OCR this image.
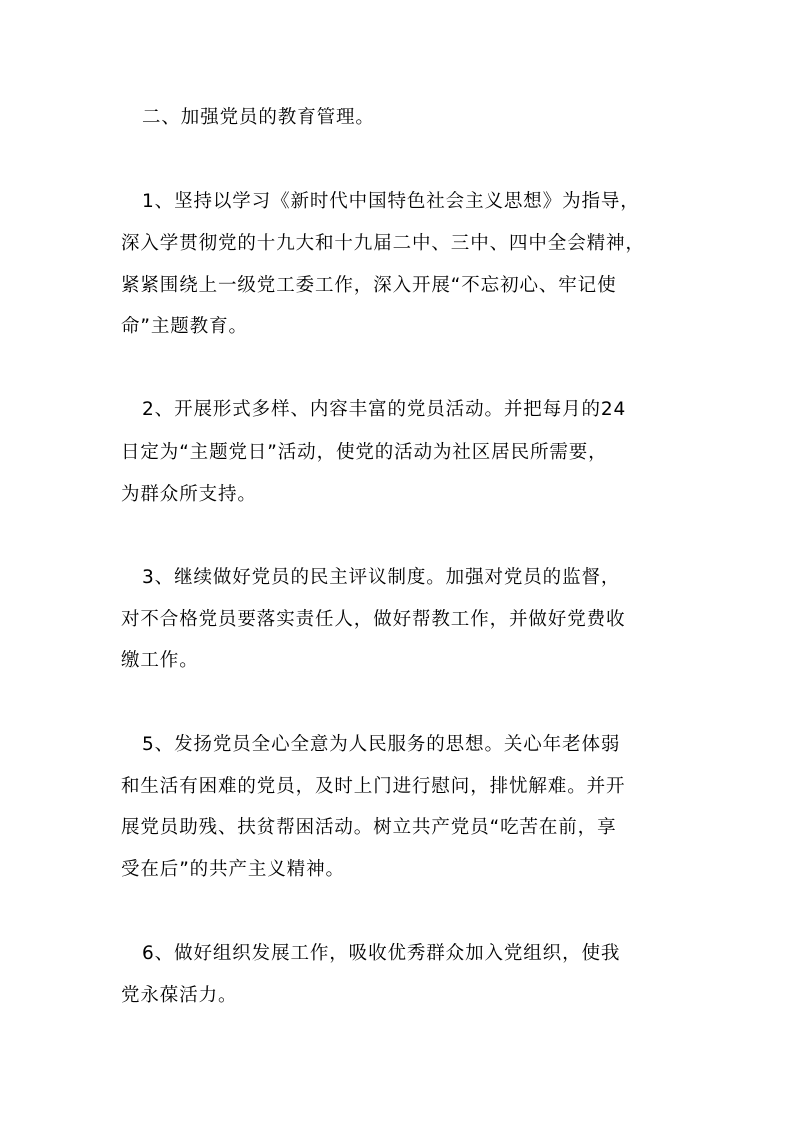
二、加强党员的教育管理。
1、坚持以学习《新时代中国特色社会主义思想》为指导，
深入学贯彻党的十九大和十九届二中、三中、四中全会精神，
紧紧围绕上一级党工委工作，深入开展“不忘初心、牢记使
命”主题教育。
2、开展形式多样、内容丰富的党员活动。并把每月的24
日定为“主题党日”活动，使党的活动为社区居民所需要，
为群众所支持。
3、继续做好党员的民主评议制度。加强对党员的监督，
对不合格党员要落实责任人，做好帮教工作，并做好党费收
缴工作。
5、发扬党员全心全意为人民服务的思想。关心年老体弱
和生活有困难的党员，及时上门进行慰问，排忧解难。并开
展党员助残、扶贫帮困活动。树立共产党员“吃苦在前，享
受在后”的共产主义精神。
6、做好组织发展工作，吸收优秀群众加入党组织，使我
党永葆活力。
